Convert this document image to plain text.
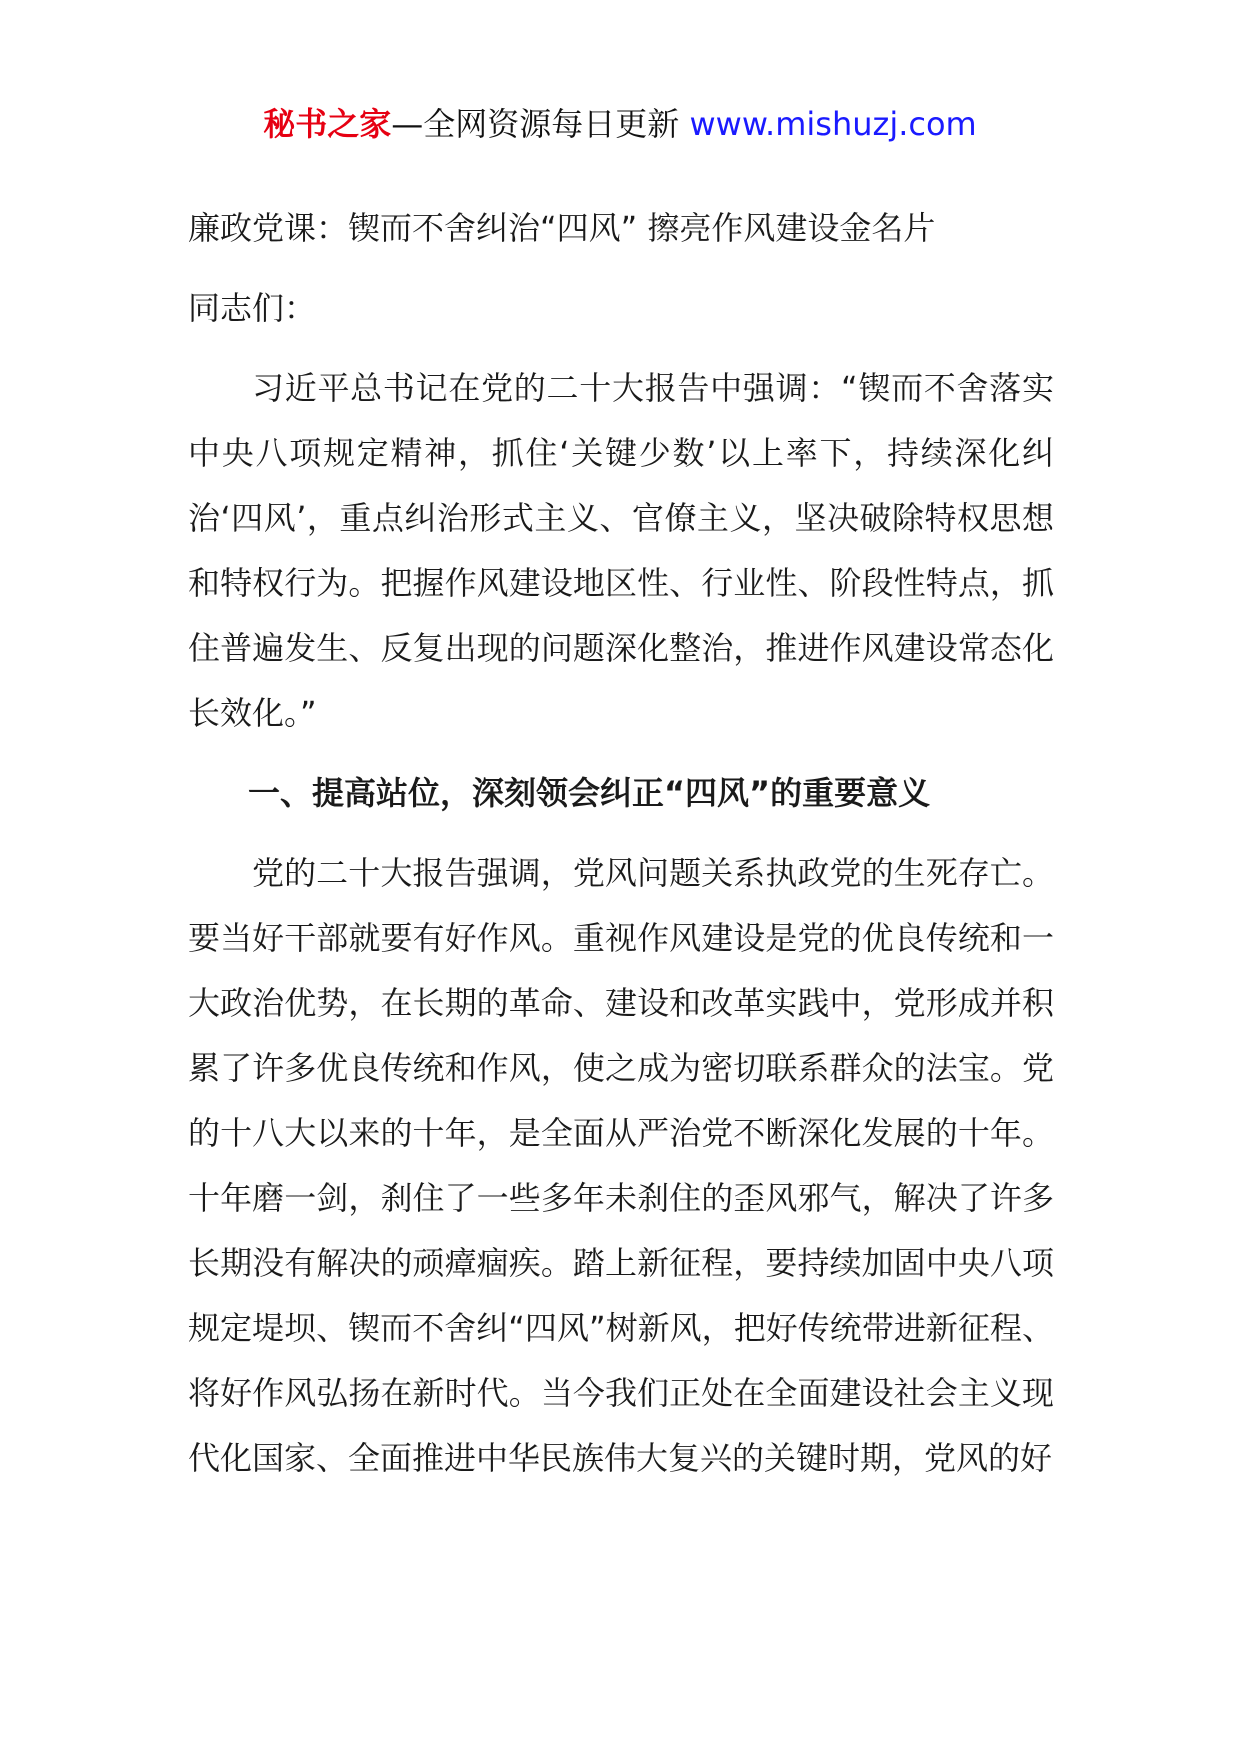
秘书之家—全网资源每日更新 www.mishuzj.com

廉政党课：锲而不舍纠治“四风” 擦亮作风建设金名片

同志们：

习近平总书记在党的二十大报告中强调：“锲而不舍落实中央八项规定精神，抓住‘关键少数’以上率下，持续深化纠治‘四风’，重点纠治形式主义、官僚主义，坚决破除特权思想和特权行为。把握作风建设地区性、行业性、阶段性特点，抓住普遍发生、反复出现的问题深化整治，推进作风建设常态化长效化。”

一、提高站位，深刻领会纠正“四风”的重要意义

党的二十大报告强调，党风问题关系执政党的生死存亡。要当好干部就要有好作风。重视作风建设是党的优良传统和一大政治优势，在长期的革命、建设和改革实践中，党形成并积累了许多优良传统和作风，使之成为密切联系群众的法宝。党的十八大以来的十年，是全面从严治党不断深化发展的十年。十年磨一剑，刹住了一些多年未刹住的歪风邪气，解决了许多长期没有解决的顽瘴痼疾。踏上新征程，要持续加固中央八项规定堤坝、锲而不舍纠“四风”树新风，把好传统带进新征程、将好作风弘扬在新时代。当今我们正处在全面建设社会主义现代化国家、全面推进中华民族伟大复兴的关键时期，党风的好
